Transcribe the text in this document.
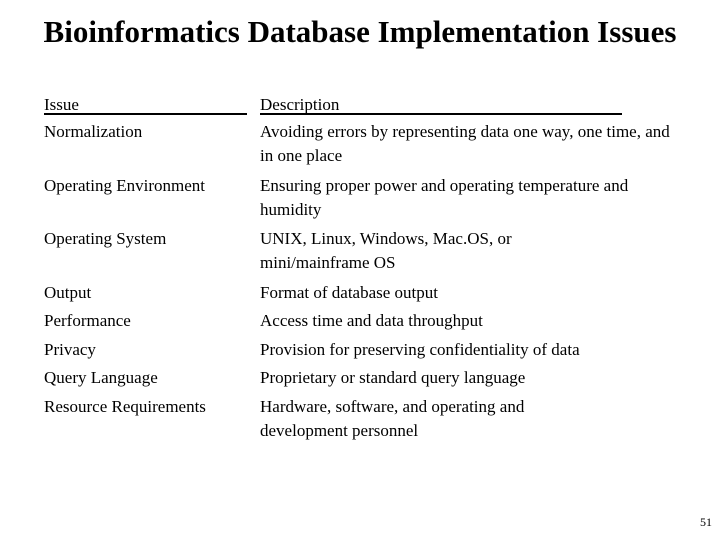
Bioinformatics Database Implementation Issues
Issue	Description
Normalization	Avoiding errors by representing data one way, one time, and in one place
Operating Environment	Ensuring proper power and operating temperature and humidity
Operating System	UNIX, Linux, Windows, Mac.OS, or mini/mainframe OS
Output	Format of database output
Performance	Access time and data throughput
Privacy	Provision for preserving confidentiality of data
Query Language	Proprietary or standard query language
Resource Requirements	Hardware, software, and operating and development personnel
51
